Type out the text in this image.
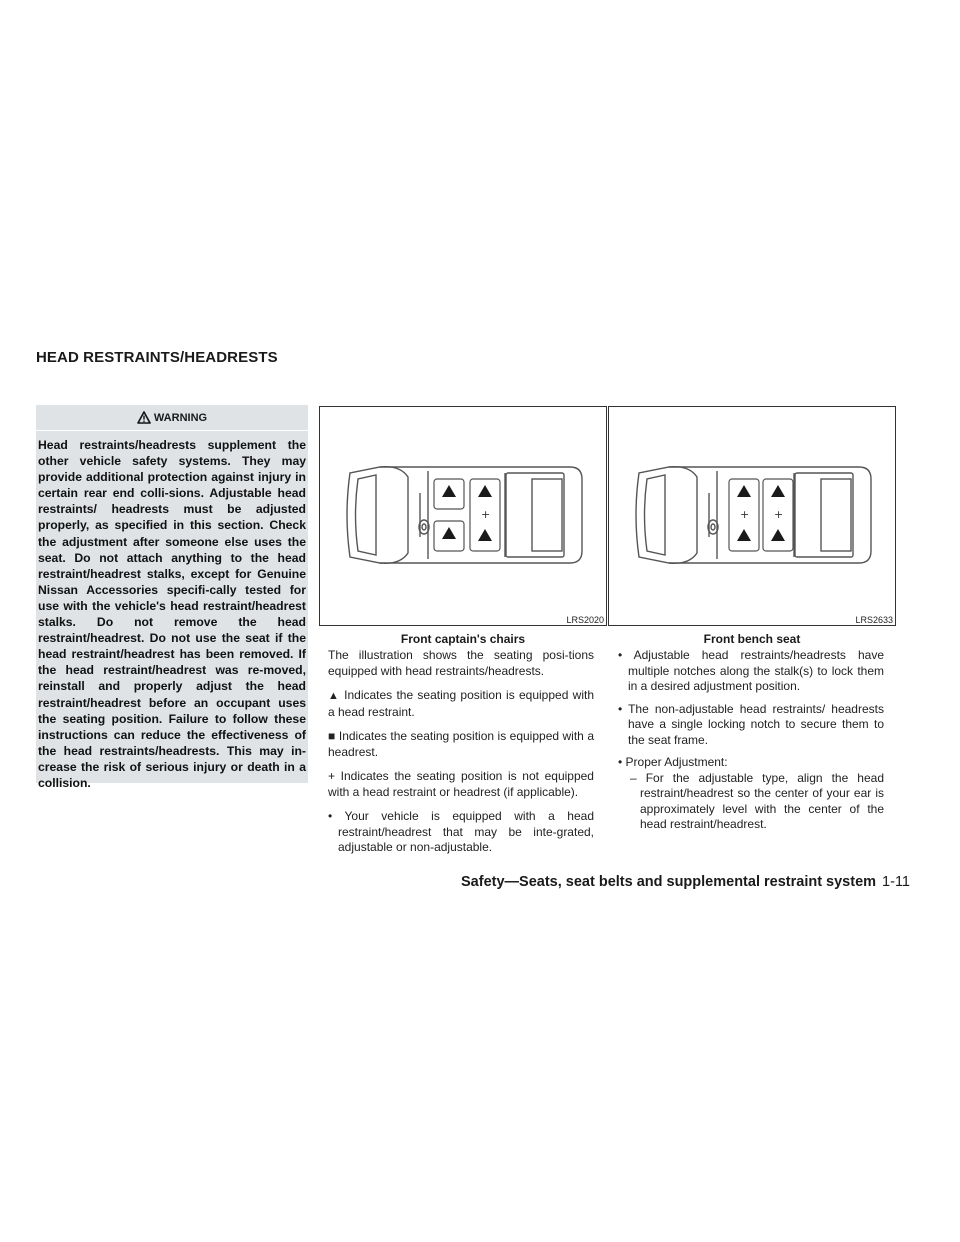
HEAD RESTRAINTS/HEADRESTS
WARNING

Head restraints/headrests supplement the other vehicle safety systems. They may provide additional protection against injury in certain rear end colli-sions. Adjustable head restraints/ headrests must be adjusted properly, as specified in this section. Check the adjustment after someone else uses the seat. Do not attach anything to the head restraint/headrest stalks, except for Genuine Nissan Accessories specifi-cally tested for use with the vehicle's head restraint/headrest stalks. Do not remove the head restraint/headrest. Do not use the seat if the head restraint/headrest has been removed. If the head restraint/headrest was re-moved, reinstall and properly adjust the head restraint/headrest before an occupant uses the seating position. Failure to follow these instructions can reduce the effectiveness of the head restraints/headrests. This may in-crease the risk of serious injury or death in a collision.

+
LRS2020
Front captain's chairs
+ +
LRS2633
Front bench seat

The illustration shows the seating posi-tions equipped with head restraints/headrests.

▲ Indicates the seating position is equipped with a head restraint.

■ Indicates the seating position is equipped with a headrest.

+ Indicates the seating position is not equipped with a head restraint or headrest (if applicable).

• Your vehicle is equipped with a head restraint/headrest that may be inte-grated, adjustable or non-adjustable.

• Adjustable head restraints/headrests have multiple notches along the stalk(s) to lock them in a desired adjustment position.

• The non-adjustable head restraints/ headrests have a single locking notch to secure them to the seat frame.

• Proper Adjustment:

– For the adjustable type, align the head restraint/headrest so the center of your ear is approximately level with the center of the head restraint/headrest.

Safety—Seats, seat belts and supplemental restraint system 1-11
